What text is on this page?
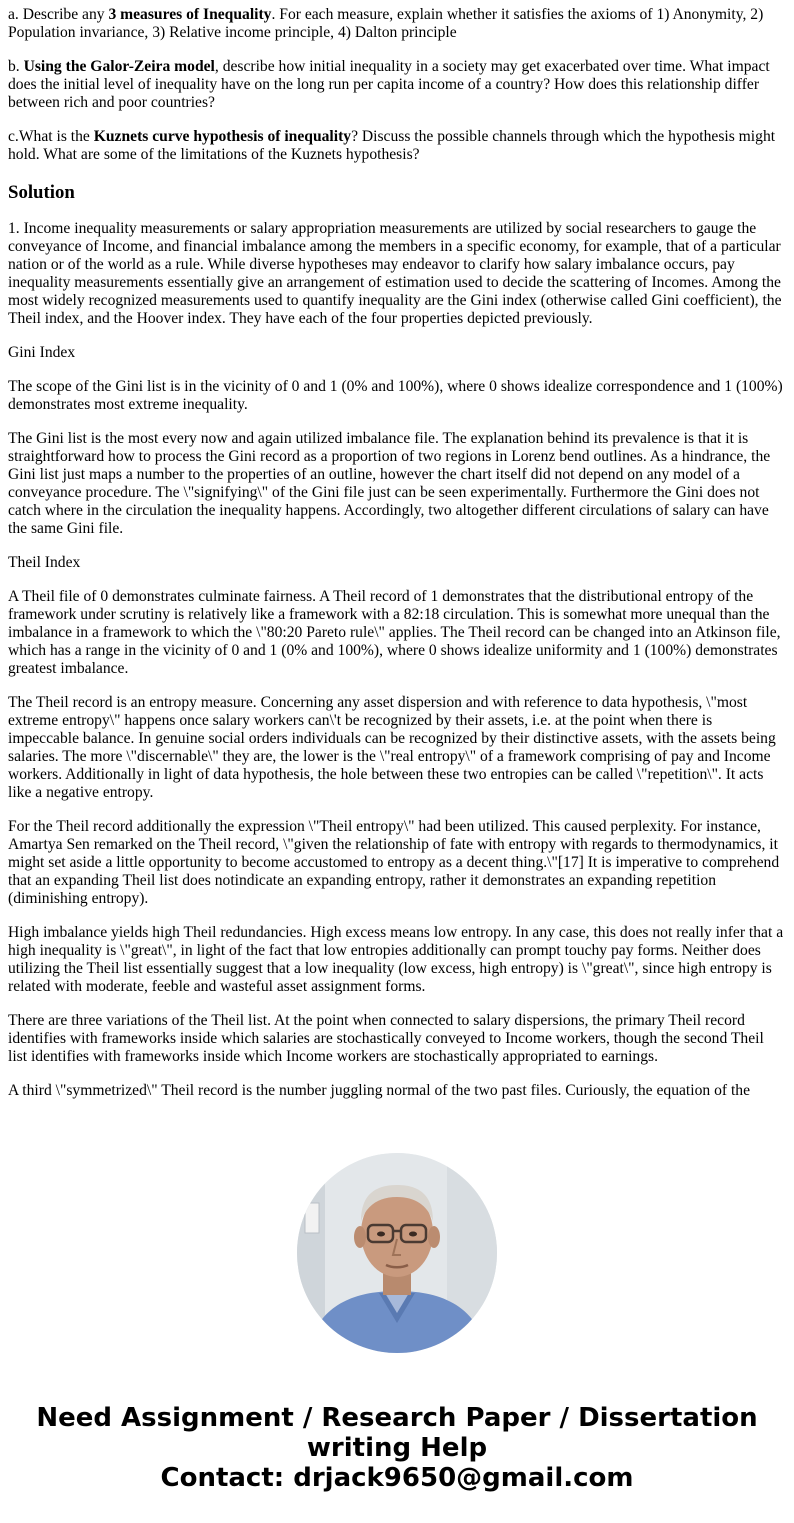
a. Describe any 3 measures of Inequality. For each measure, explain whether it satisfies the axioms of 1) Anonymity, 2) Population invariance, 3) Relative income principle, 4) Dalton principle

b. Using the Galor-Zeira model, describe how initial inequality in a society may get exacerbated over time. What impact does the initial level of inequality have on the long run per capita income of a country? How does this relationship differ between rich and poor countries?

c.What is the Kuznets curve hypothesis of inequality? Discuss the possible channels through which the hypothesis might hold. What are some of the limitations of the Kuznets hypothesis?

Solution

1. Income inequality measurements or salary appropriation measurements are utilized by social researchers to gauge the conveyance of Income, and financial imbalance among the members in a specific economy, for example, that of a particular nation or of the world as a rule. While diverse hypotheses may endeavor to clarify how salary imbalance occurs, pay inequality measurements essentially give an arrangement of estimation used to decide the scattering of Incomes. Among the most widely recognized measurements used to quantify inequality are the Gini index (otherwise called Gini coefficient), the Theil index, and the Hoover index. They have each of the four properties depicted previously.

Gini Index

The scope of the Gini list is in the vicinity of 0 and 1 (0% and 100%), where 0 shows idealize correspondence and 1 (100%) demonstrates most extreme inequality.

The Gini list is the most every now and again utilized imbalance file. The explanation behind its prevalence is that it is straightforward how to process the Gini record as a proportion of two regions in Lorenz bend outlines. As a hindrance, the Gini list just maps a number to the properties of an outline, however the chart itself did not depend on any model of a conveyance procedure. The \"signifying\" of the Gini file just can be seen experimentally. Furthermore the Gini does not catch where in the circulation the inequality happens. Accordingly, two altogether different circulations of salary can have the same Gini file.

Theil Index

A Theil file of 0 demonstrates culminate fairness. A Theil record of 1 demonstrates that the distributional entropy of the framework under scrutiny is relatively like a framework with a 82:18 circulation. This is somewhat more unequal than the imbalance in a framework to which the \"80:20 Pareto rule\" applies. The Theil record can be changed into an Atkinson file, which has a range in the vicinity of 0 and 1 (0% and 100%), where 0 shows idealize uniformity and 1 (100%) demonstrates greatest imbalance.

The Theil record is an entropy measure. Concerning any asset dispersion and with reference to data hypothesis, \"most extreme entropy\" happens once salary workers can\'t be recognized by their assets, i.e. at the point when there is impeccable balance. In genuine social orders individuals can be recognized by their distinctive assets, with the assets being salaries. The more \"discernable\" they are, the lower is the \"real entropy\" of a framework comprising of pay and Income workers. Additionally in light of data hypothesis, the hole between these two entropies can be called \"repetition\". It acts like a negative entropy.

For the Theil record additionally the expression \"Theil entropy\" had been utilized. This caused perplexity. For instance, Amartya Sen remarked on the Theil record, \"given the relationship of fate with entropy with regards to thermodynamics, it might set aside a little opportunity to become accustomed to entropy as a decent thing.\"[17] It is imperative to comprehend that an expanding Theil list does notindicate an expanding entropy, rather it demonstrates an expanding repetition (diminishing entropy).

High imbalance yields high Theil redundancies. High excess means low entropy. In any case, this does not really infer that a high inequality is \"great\", in light of the fact that low entropies additionally can prompt touchy pay forms. Neither does utilizing the Theil list essentially suggest that a low inequality (low excess, high entropy) is \"great\", since high entropy is related with moderate, feeble and wasteful asset assignment forms.

There are three variations of the Theil list. At the point when connected to salary dispersions, the primary Theil record identifies with frameworks inside which salaries are stochastically conveyed to Income workers, though the second Theil list identifies with frameworks inside which Income workers are stochastically appropriated to earnings.

A third \"symmetrized\" Theil record is the number juggling normal of the two past files. Curiously, the equation of the

Need Assignment / Research Paper / Dissertation
writing Help
Contact: drjack9650@gmail.com
